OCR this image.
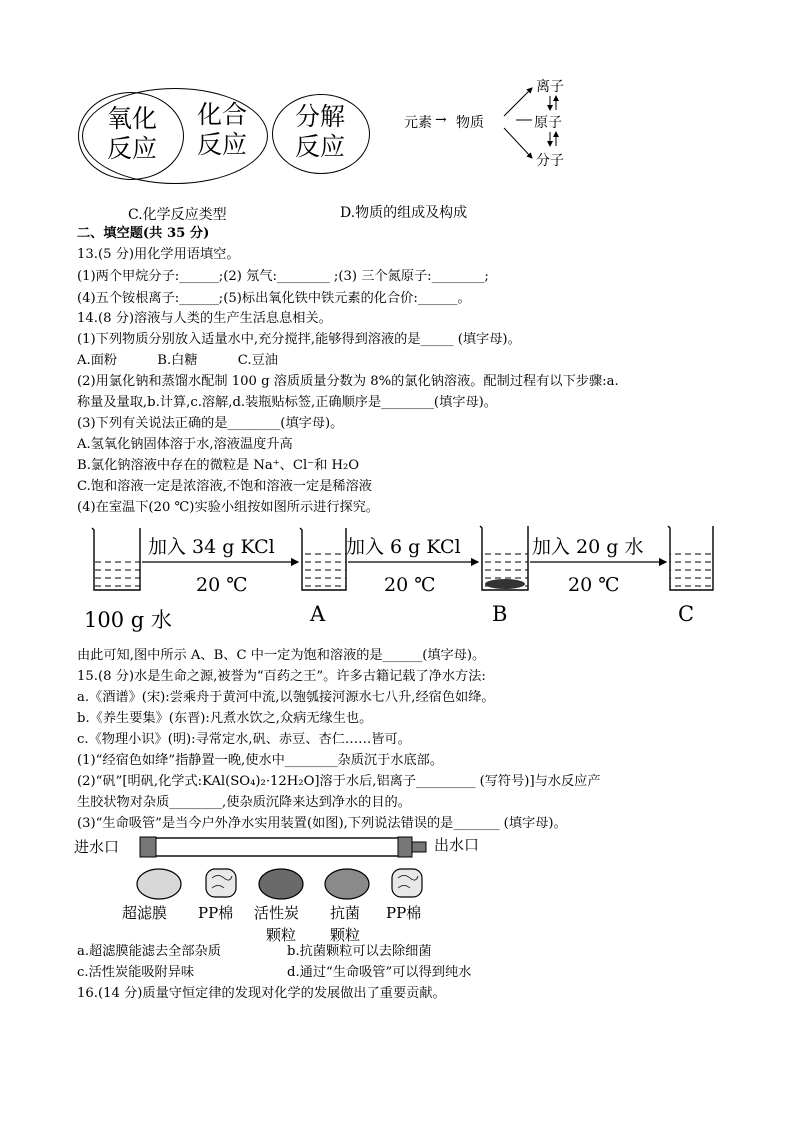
氧化
反应
化合
反应
分解
反应
C.化学反应类型
元素 → 物质
离子
原子
分子
D.物质的组成及构成
二、填空题(共 35 分)
13.(5 分)用化学用语填空。
(1)两个甲烷分子:______;(2) 氖气:________ ;(3) 三个氮原子:________;
(4)五个铵根离子:______;(5)标出氧化铁中铁元素的化合价:______。
14.(8 分)溶液与人类的生产生活息息相关。
(1)下列物质分别放入适量水中,充分搅拌,能够得到溶液的是_____ (填字母)。
A.面粉	B.白糖	C.豆油
(2)用氯化钠和蒸馏水配制 100 g 溶质质量分数为 8%的氯化钠溶液。配制过程有以下步骤:a.
称量及量取,b.计算,c.溶解,d.装瓶贴标签,正确顺序是________(填字母)。
(3)下列有关说法正确的是________(填字母)。
A.氢氧化钠固体溶于水,溶液温度升高
B.氯化钠溶液中存在的微粒是 Na⁺、Cl⁻和 H₂O
C.饱和溶液一定是浓溶液,不饱和溶液一定是稀溶液
(4)在室温下(20 ℃)实验小组按如图所示进行探究。
加入 34 g KCl	加入 6 g KCl	加入 20 g 水
20 ℃	20 ℃	20 ℃
100 g 水	A	B	C
由此可知,图中所示 A、B、C 中一定为饱和溶液的是______(填字母)。
15.(8 分)水是生命之源,被誉为“百药之王”。许多古籍记载了净水方法:
a.《酒谱》(宋):尝乘舟于黄河中流,以匏瓠接河源水七八升,经宿色如绛。
b.《养生要集》(东晋):凡煮水饮之,众病无缘生也。
c.《物理小识》(明):寻常定水,矾、赤豆、杏仁……皆可。
(1)“经宿色如绛”指静置一晚,使水中________杂质沉于水底部。
(2)“矾”[明矾,化学式:KAl(SO₄)₂·12H₂O]溶于水后,铝离子_________ (写符号)]与水反应产
生胶状物对杂质________,使杂质沉降来达到净水的目的。
(3)“生命吸管”是当今户外净水实用装置(如图),下列说法错误的是_______ (填字母)。
进水口	出水口
超滤膜 PP棉 活性炭 抗菌 PP棉
颗粒 颗粒
a.超滤膜能滤去全部杂质	b.抗菌颗粒可以去除细菌
c.活性炭能吸附异味	d.通过“生命吸管”可以得到纯水
16.(14 分)质量守恒定律的发现对化学的发展做出了重要贡献。
